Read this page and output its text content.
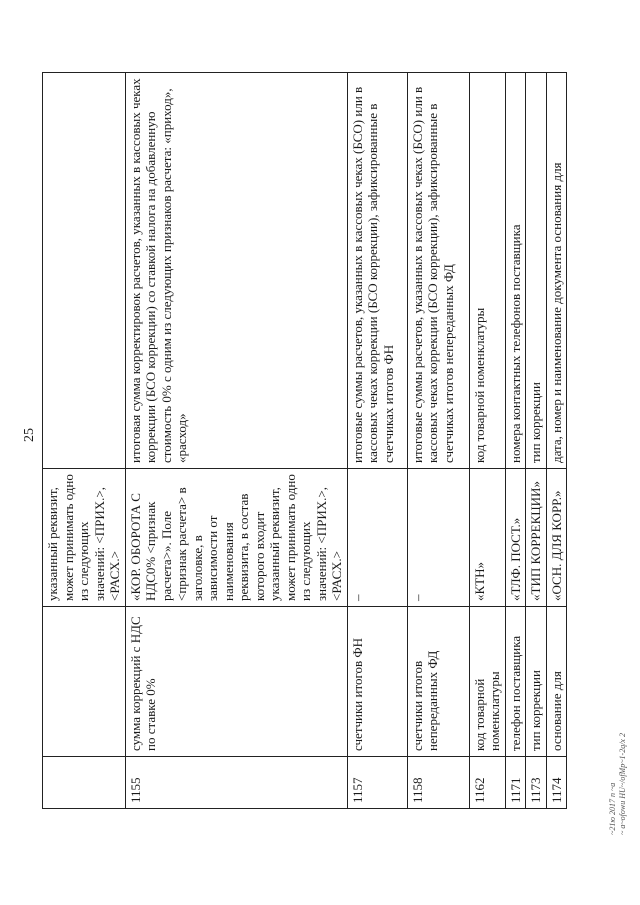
25
		указанный реквизит, может принимать одно из следующих значений: <ПРИХ.>, <РАСХ.>	
1155	сумма коррекций с НДС по ставке 0%	«КОР. ОБОРОТА С НДС0% <признак расчета>». Поле <признак расчета> в заголовке, в зависимости от наименования реквизита, в состав которого входит указанный реквизит, может принимать одно из следующих значений: <ПРИХ.>, <РАСХ.>	итоговая сумма корректировок расчетов, указанных в кассовых чеках коррекции (БСО коррекции) со ставкой налога на добавленную стоимость 0% с одним из следующих признаков расчета: «приход», «расход»
1157	счетчики итогов ФН	–	итоговые суммы расчетов, указанных в кассовых чеках (БСО) или в кассовых чеках коррекции (БСО коррекции), зафиксированные в счетчиках итогов ФН
1158	счетчики итогов непереданных ФД	–	итоговые суммы расчетов, указанных в кассовых чеках (БСО) или в кассовых чеках коррекции (БСО коррекции), зафиксированные в счетчиках итогов непереданных ФД
1162	код товарной номенклатуры	«КТН»	код товарной номенклатуры
1171	телефон поставщика	«ТЛФ. ПОСТ.»	номера контактных телефонов поставщика
1173	тип коррекции	«ТИП КОРРЕКЦИИ»	тип коррекции
1174	основание для	«ОСН. ДЛЯ КОРР.»	дата, номер и наименование документа основания для
~21ю 2017 п ~а
~ a~ofowu HU~/ofMp~1-2q/x 2
